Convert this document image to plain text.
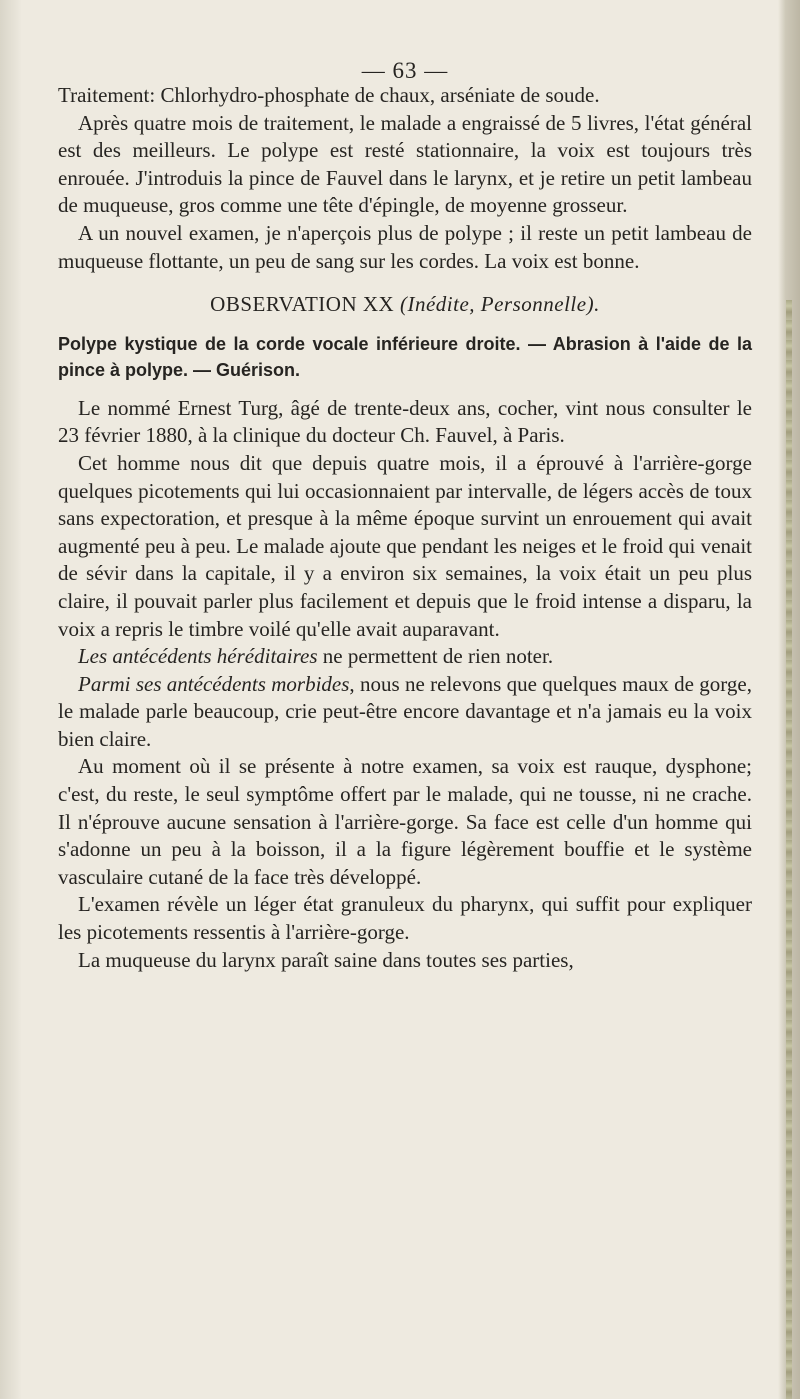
— 63 —

Traitement: Chlorhydro-phosphate de chaux, arséniate de soude.

Après quatre mois de traitement, le malade a engraissé de 5 livres, l'état général est des meilleurs. Le polype est resté stationnaire, la voix est toujours très enrouée. J'introduis la pince de Fauvel dans le larynx, et je retire un petit lambeau de muqueuse, gros comme une tête d'épingle, de moyenne grosseur.

A un nouvel examen, je n'aperçois plus de polype ; il reste un petit lambeau de muqueuse flottante, un peu de sang sur les cordes. La voix est bonne.

OBSERVATION XX (Inédite, Personnelle).

Polype kystique de la corde vocale inférieure droite. — Abrasion à l'aide de la pince à polype. — Guérison.

Le nommé Ernest Turg, âgé de trente-deux ans, cocher, vint nous consulter le 23 février 1880, à la clinique du docteur Ch. Fauvel, à Paris.

Cet homme nous dit que depuis quatre mois, il a éprouvé à l'arrière-gorge quelques picotements qui lui occasionnaient par intervalle, de légers accès de toux sans expectoration, et presque à la même époque survint un enrouement qui avait augmenté peu à peu. Le malade ajoute que pendant les neiges et le froid qui venait de sévir dans la capitale, il y a environ six semaines, la voix était un peu plus claire, il pouvait parler plus facilement et depuis que le froid intense a disparu, la voix a repris le timbre voilé qu'elle avait auparavant.

Les antécédents héréditaires ne permettent de rien noter.

Parmi ses antécédents morbides, nous ne relevons que quelques maux de gorge, le malade parle beaucoup, crie peut-être encore davantage et n'a jamais eu la voix bien claire.

Au moment où il se présente à notre examen, sa voix est rauque, dysphone; c'est, du reste, le seul symptôme offert par le malade, qui ne tousse, ni ne crache. Il n'éprouve aucune sensation à l'arrière-gorge. Sa face est celle d'un homme qui s'adonne un peu à la boisson, il a la figure légèrement bouffie et le système vasculaire cutané de la face très développé.

L'examen révèle un léger état granuleux du pharynx, qui suffit pour expliquer les picotements ressentis à l'arrière-gorge.

La muqueuse du larynx paraît saine dans toutes ses parties,
